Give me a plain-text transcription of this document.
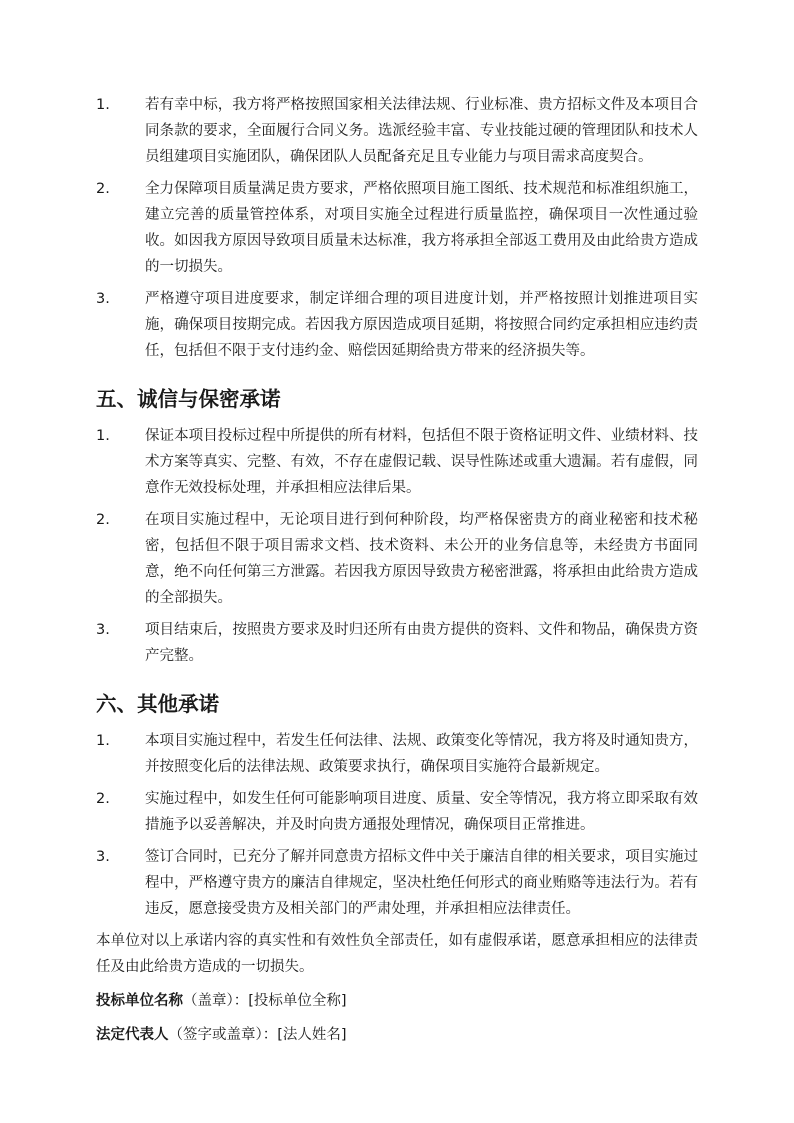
1.	若有幸中标，我方将严格按照国家相关法律法规、行业标准、贵方招标文件及本项目合同条款的要求，全面履行合同义务。选派经验丰富、专业技能过硬的管理团队和技术人员组建项目实施团队，确保团队人员配备充足且专业能力与项目需求高度契合。
2.	全力保障项目质量满足贵方要求，严格依照项目施工图纸、技术规范和标准组织施工，建立完善的质量管控体系，对项目实施全过程进行质量监控，确保项目一次性通过验收。如因我方原因导致项目质量未达标准，我方将承担全部返工费用及由此给贵方造成的一切损失。
3.	严格遵守项目进度要求，制定详细合理的项目进度计划，并严格按照计划推进项目实施，确保项目按期完成。若因我方原因造成项目延期，将按照合同约定承担相应违约责任，包括但不限于支付违约金、赔偿因延期给贵方带来的经济损失等。
五、诚信与保密承诺
1.	保证本项目投标过程中所提供的所有材料，包括但不限于资格证明文件、业绩材料、技术方案等真实、完整、有效，不存在虚假记载、误导性陈述或重大遗漏。若有虚假，同意作无效投标处理，并承担相应法律后果。
2.	在项目实施过程中，无论项目进行到何种阶段，均严格保密贵方的商业秘密和技术秘密，包括但不限于项目需求文档、技术资料、未公开的业务信息等，未经贵方书面同意，绝不向任何第三方泄露。若因我方原因导致贵方秘密泄露，将承担由此给贵方造成的全部损失。
3.	项目结束后，按照贵方要求及时归还所有由贵方提供的资料、文件和物品，确保贵方资产完整。
六、其他承诺
1.	本项目实施过程中，若发生任何法律、法规、政策变化等情况，我方将及时通知贵方，并按照变化后的法律法规、政策要求执行，确保项目实施符合最新规定。
2.	实施过程中，如发生任何可能影响项目进度、质量、安全等情况，我方将立即采取有效措施予以妥善解决，并及时向贵方通报处理情况，确保项目正常推进。
3.	签订合同时，已充分了解并同意贵方招标文件中关于廉洁自律的相关要求，项目实施过程中，严格遵守贵方的廉洁自律规定，坚决杜绝任何形式的商业贿赂等违法行为。若有违反，愿意接受贵方及相关部门的严肃处理，并承担相应法律责任。

本单位对以上承诺内容的真实性和有效性负全部责任，如有虚假承诺，愿意承担相应的法律责任及由此给贵方造成的一切损失。

投标单位名称（盖章）：[投标单位全称]

法定代表人（签字或盖章）：[法人姓名]
